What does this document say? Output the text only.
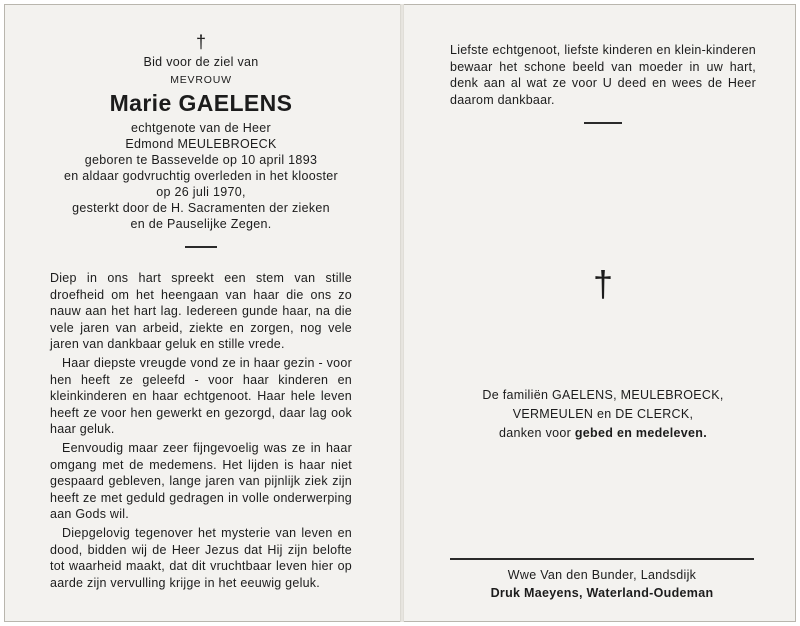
†
Bid voor de ziel van
MEVROUW
Marie GAELENS
echtgenote van de Heer
Edmond MEULEBROECK
geboren te Bassevelde op 10 april 1893
en aldaar godvruchtig overleden in het klooster
op 26 juli 1970,
gesterkt door de H. Sacramenten der zieken
en de Pauselijke Zegen.

Diep in ons hart spreekt een stem van stille droefheid om het heengaan van haar die ons zo nauw aan het hart lag. Iedereen gunde haar, na die vele jaren van arbeid, ziekte en zorgen, nog vele jaren van dankbaar geluk en stille vrede.

Haar diepste vreugde vond ze in haar gezin - voor hen heeft ze geleefd - voor haar kinderen en kleinkinderen en haar echtgenoot. Haar hele leven heeft ze voor hen gewerkt en gezorgd, daar lag ook haar geluk.

Eenvoudig maar zeer fijngevoelig was ze in haar omgang met de medemens. Het lijden is haar niet gespaard gebleven, lange jaren van pijnlijk ziek zijn heeft ze met geduld gedragen in volle onderwerping aan Gods wil.

Diepgelovig tegenover het mysterie van leven en dood, bidden wij de Heer Jezus dat Hij zijn belofte tot waarheid maakt, dat dit vruchtbaar leven hier op aarde zijn vervulling krijge in het eeuwig geluk.

Liefste echtgenoot, liefste kinderen en klein-kinderen bewaar het schone beeld van moeder in uw hart, denk aan al wat ze voor U deed en wees de Heer daarom dankbaar.

†
De familiën GAELENS, MEULEBROECK,
VERMEULEN en DE CLERCK,
danken voor gebed en medeleven.
Wwe Van den Bunder, Landsdijk
Druk Maeyens, Waterland-Oudeman
